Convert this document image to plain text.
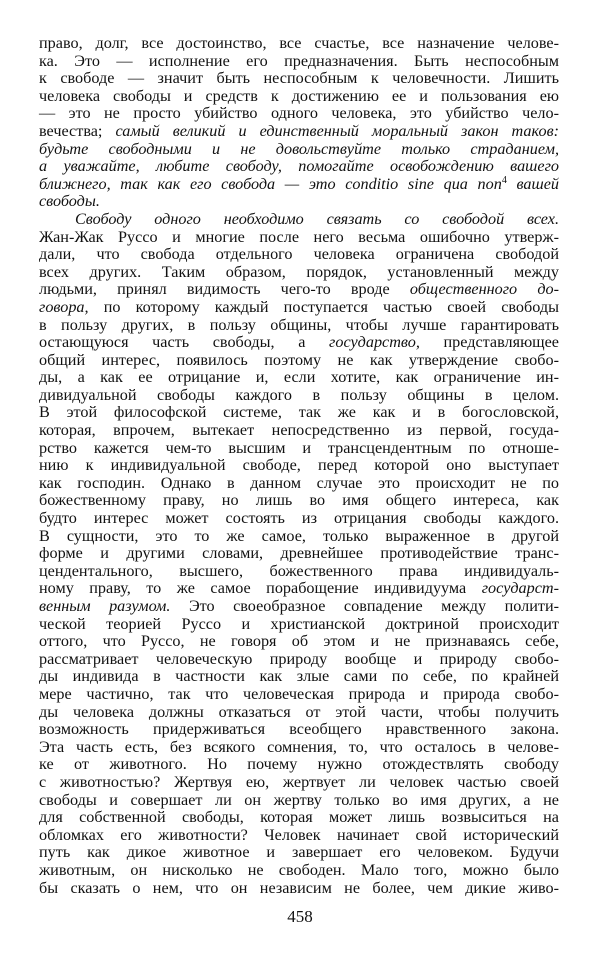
право, долг, все достоинство, все счастье, все назначение челове-
ка. Это — исполнение его предназначения. Быть неспособным
к свободе — значит быть неспособным к человечности. Лишить
человека свободы и средств к достижению ее и пользования ею
— это не просто убийство одного человека, это убийство чело-
вечества; самый великий и единственный моральный закон таков:
будьте свободными и не довольствуйте только страданием,
а уважайте, любите свободу, помогайте освобождению вашего
ближнего, так как его свобода — это conditio sine qua non$^4$ вашей
свободы.
Свободу одного необходимо связать со свободой всех.
Жан-Жак Руссо и многие после него весьма ошибочно утверж-
дали, что свобода отдельного человека ограничена свободой
всех других. Таким образом, порядок, установленный между
людьми, принял видимость чего-то вроде общественного до-
говора, по которому каждый поступается частью своей свободы
в пользу других, в пользу общины, чтобы лучше гарантировать
остающуюся часть свободы, а государство, представляющее
общий интерес, появилось поэтому не как утверждение свобо-
ды, а как ее отрицание и, если хотите, как ограничение ин-
дивидуальной свободы каждого в пользу общины в целом.
В этой философской системе, так же как и в богословской,
которая, впрочем, вытекает непосредственно из первой, госуда-
рство кажется чем-то высшим и трансцендентным по отноше-
нию к индивидуальной свободе, перед которой оно выступает
как господин. Однако в данном случае это происходит не по
божественному праву, но лишь во имя общего интереса, как
будто интерес может состоять из отрицания свободы каждого.
В сущности, это то же самое, только выраженное в другой
форме и другими словами, древнейшее противодействие транс-
цендентального, высшего, божественного права индивидуаль-
ному праву, то же самое порабощение индивидуума государст-
венным разумом. Это своеобразное совпадение между полити-
ческой теорией Руссо и христианской доктриной происходит
оттого, что Руссо, не говоря об этом и не признаваясь себе,
рассматривает человеческую природу вообще и природу свобо-
ды индивида в частности как злые сами по себе, по крайней
мере частично, так что человеческая природа и природа свобо-
ды человека должны отказаться от этой части, чтобы получить
возможность придерживаться всеобщего нравственного закона.
Эта часть есть, без всякого сомнения, то, что осталось в челове-
ке от животного. Но почему нужно отождествлять свободу
с животностью? Жертвуя ею, жертвует ли человек частью своей
свободы и совершает ли он жертву только во имя других, а не
для собственной свободы, которая может лишь возвыситься на
обломках его животности? Человек начинает свой исторический
путь как дикое животное и завершает его человеком. Будучи
животным, он нисколько не свободен. Мало того, можно было
бы сказать о нем, что он независим не более, чем дикие живо-
458
